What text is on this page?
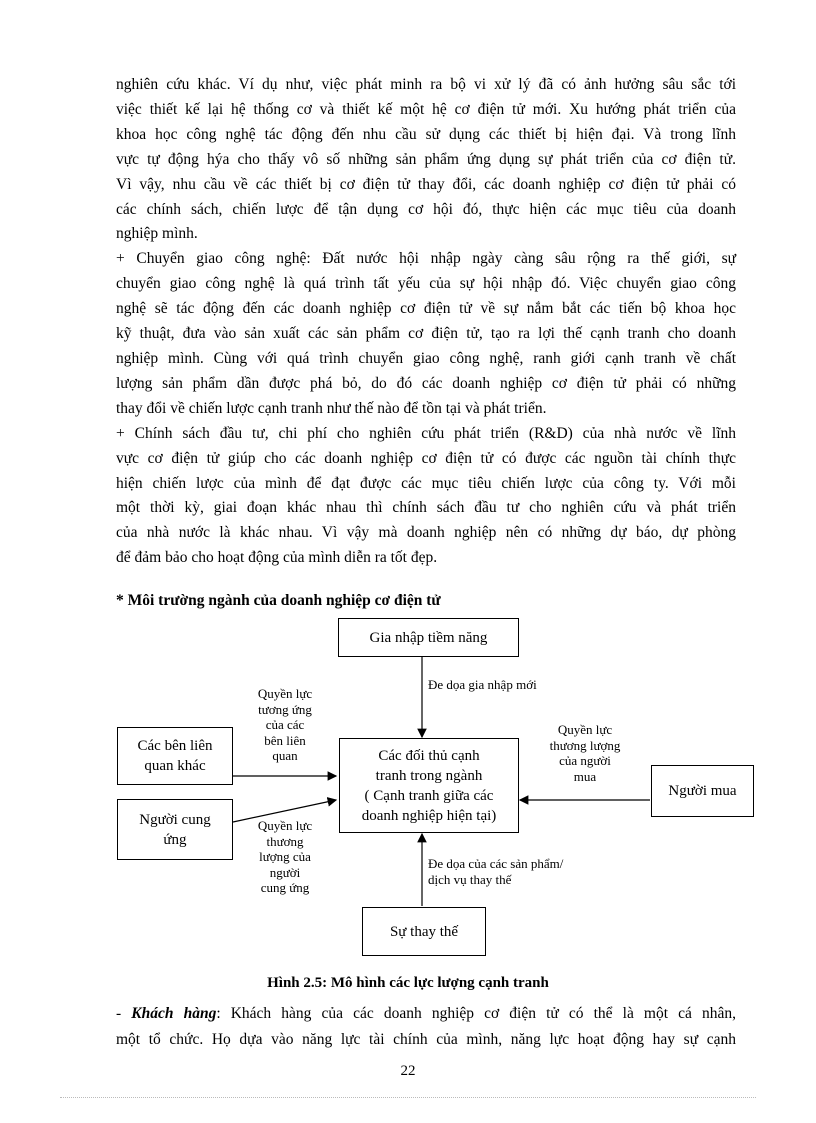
nghiên cứu khác. Ví dụ như, việc phát minh ra bộ vi xử lý đã có ảnh hưởng sâu sắc tới
việc thiết kế lại hệ thống cơ và thiết kế một hệ cơ điện tử mới. Xu hướng phát triển của
khoa học công nghệ tác động đến nhu cầu sử dụng các thiết bị hiện đại. Và trong lĩnh
vực tự động hýa cho thấy vô số những sản phẩm ứng dụng sự phát triển của cơ điện tử.
Vì vậy, nhu cầu về các thiết bị cơ điện tử thay đổi, các doanh nghiệp cơ điện tử phải có
các chính sách, chiến lược để tận dụng cơ hội đó, thực hiện các mục tiêu của doanh
nghiệp mình.
+ Chuyển giao công nghệ: Đất nước hội nhập ngày càng sâu rộng ra thế giới, sự
chuyển giao công nghệ là quá trình tất yếu của sự hội nhập đó. Việc chuyển giao công
nghệ sẽ tác động đến các doanh nghiệp cơ điện tử về sự nắm bắt các tiến bộ khoa học
kỹ thuật, đưa vào sản xuất các sản phẩm cơ điện tử, tạo ra lợi thế cạnh tranh cho doanh
nghiệp mình. Cùng với quá trình chuyển giao công nghệ, ranh giới cạnh tranh về chất
lượng sản phẩm dần được phá bỏ, do đó các doanh nghiệp cơ điện tử phải có những
thay đổi về chiến lược cạnh tranh như thế nào để tồn tại và phát triển.
+ Chính sách đầu tư, chi phí cho nghiên cứu phát triển (R&D) của nhà nước về lĩnh
vực cơ điện tử giúp cho các doanh nghiệp cơ điện tử có được các nguồn tài chính thực
hiện chiến lược của mình để đạt được các mục tiêu chiến lược của công ty. Với mỗi
một thời kỳ, giai đoạn khác nhau thì chính sách đầu tư cho nghiên cứu và phát triển
của nhà nước là khác nhau. Vì vậy mà doanh nghiệp nên có những dự báo, dự phòng
để đảm bảo cho hoạt động của mình diễn ra tốt đẹp.
* Môi trường ngành của doanh nghiệp cơ điện tử
Gia nhập tiềm năng
Các đối thủ cạnh
tranh trong ngành
( Cạnh tranh giữa các
doanh nghiệp hiện tại)
Các bên liên
quan khác
Người cung
ứng
Người mua
Sự thay thế
Đe dọa gia nhập mới
Quyền lực
tương ứng
của các
bên liên
quan
Quyền lực
thương
lượng của
người
cung ứng
Quyền lực
thương lượng
của người
mua
Đe dọa của các sản phẩm/
dịch vụ thay thế
Hình 2.5: Mô hình các lực lượng cạnh tranh
- Khách hàng: Khách hàng của các doanh nghiệp cơ điện tử có thể là một cá nhân,
một tổ chức. Họ dựa vào năng lực tài chính của mình, năng lực hoạt động hay sự cạnh
22
